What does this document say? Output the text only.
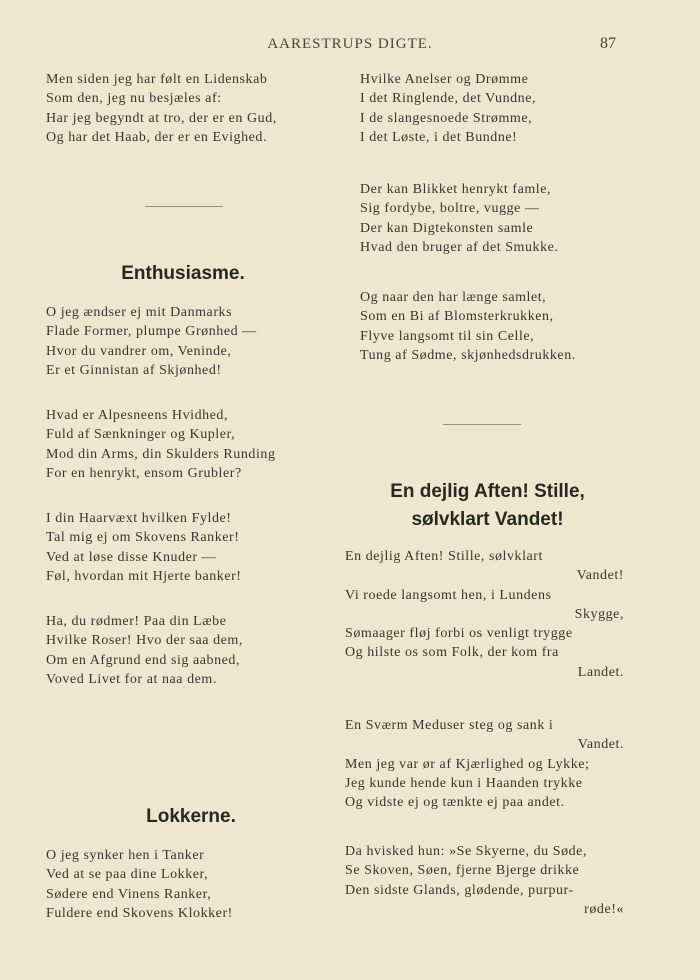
AARESTRUPS DIGTE.	87
Men siden jeg har følt en Lidenskab
Som den, jeg nu besjæles af:
Har jeg begyndt at tro, der er en Gud,
Og har det Haab, der er en Evighed.
Enthusiasme.
O jeg ændser ej mit Danmarks
Flade Former, plumpe Grønhed —
Hvor du vandrer om, Veninde,
Er et Ginnistan af Skjønhed!
Hvad er Alpesneens Hvidhed,
Fuld af Sænkninger og Kupler,
Mod din Arms, din Skulders Runding
For en henrykt, ensom Grubler?
I din Haarvæxt hvilken Fylde!
Tal mig ej om Skovens Ranker!
Ved at løse disse Knuder —
Føl, hvordan mit Hjerte banker!
Ha, du rødmer! Paa din Læbe
Hvilke Roser! Hvo der saa dem,
Om en Afgrund end sig aabned,
Voved Livet for at naa dem.
Lokkerne.
O jeg synker hen i Tanker
Ved at se paa dine Lokker,
Sødere end Vinens Ranker,
Fuldere end Skovens Klokker!
Hvilke Anelser og Drømme
I det Ringlende, det Vundne,
I de slangesnoede Strømme,
I det Løste, i det Bundne!
Der kan Blikket henrykt famle,
Sig fordybe, boltre, vugge —
Der kan Digtekonsten samle
Hvad den bruger af det Smukke.
Og naar den har længe samlet,
Som en Bi af Blomsterkrukken,
Flyve langsomt til sin Celle,
Tung af Sødme, skjønhedsdrukken.
En dejlig Aften! Stille,
sølvklart Vandet!
En dejlig Aften! Stille, sølvklart
Vandet!
Vi roede langsomt hen, i Lundens
Skygge,
Sømaager fløj forbi os venligt trygge
Og hilste os som Folk, der kom fra
Landet.
En Sværm Meduser steg og sank i
Vandet.
Men jeg var ør af Kjærlighed og Lykke;
Jeg kunde hende kun i Haanden trykke
Og vidste ej og tænkte ej paa andet.
Da hvisked hun: »Se Skyerne, du Søde,
Se Skoven, Søen, fjerne Bjerge drikke
Den sidste Glands, glødende, purpur-
røde!«
